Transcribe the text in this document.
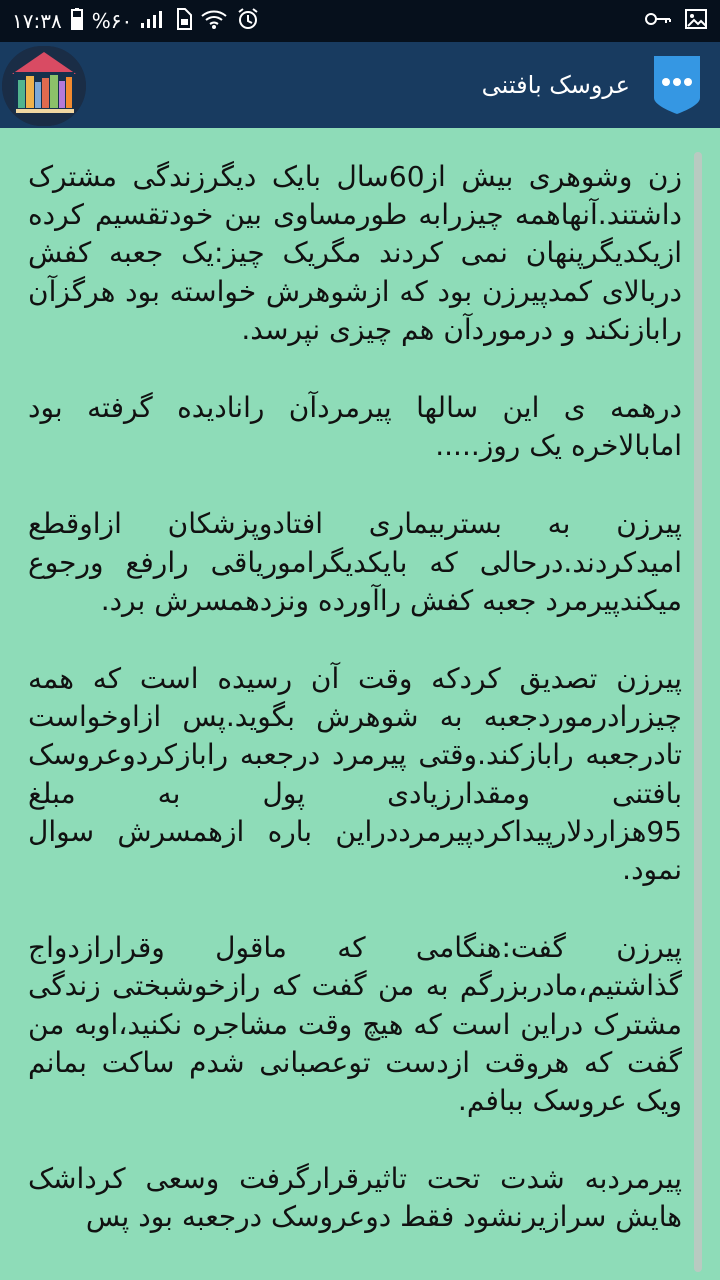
١٧:٣٨ %۶۰
عروسک بافتنی

زن وشوهری بیش از60سال بایک دیگرزندگی مشترک داشتند.آنهاهمه چیزرابه طورمساوی بین خودتقسیم کرده ازیکدیگرپنهان نمی کردند مگریک چیز:یک جعبه کفش دربالای کمدپیرزن بود که ازشوهرش خواسته بود هرگزآن رابازنکند و درموردآن هم چیزی نپرسد.

درهمه ی این سالها پیرمردآن رانادیده گرفته بود امابالاخره یک روز.....

پیرزن به بستربیماری افتادوپزشکان ازاوقطع امیدکردند.درحالی که بایکدیگراموریاقی رارفع ورجوع میکندپیرمرد جعبه کفش راآورده ونزدهمسرش برد.

پیرزن تصدیق کردکه وقت آن رسیده است که همه چیزرادرموردجعبه به شوهرش بگوید.پس ازاوخواست تادرجعبه رابازکند.وقتی پیرمرد درجعبه رابازکردوعروسک بافتنی ومقدارزیادی پول به مبلغ 95هزاردلارپیداکردپیرمرددراین باره ازهمسرش سوال نمود.

پیرزن گفت:هنگامی که ماقول وقرارازدواج گذاشتیم،مادربزرگم به من گفت که رازخوشبختی زندگی مشترک دراین است که هیچ وقت مشاجره نکنید،اوبه من گفت که هروقت ازدست توعصبانی شدم ساکت بمانم ویک عروسک ببافم.

پیرمردبه شدت تحت تاثیرقرارگرفت وسعی کرداشک هایش سرازیرنشود فقط دوعروسک درجعبه بود پس
